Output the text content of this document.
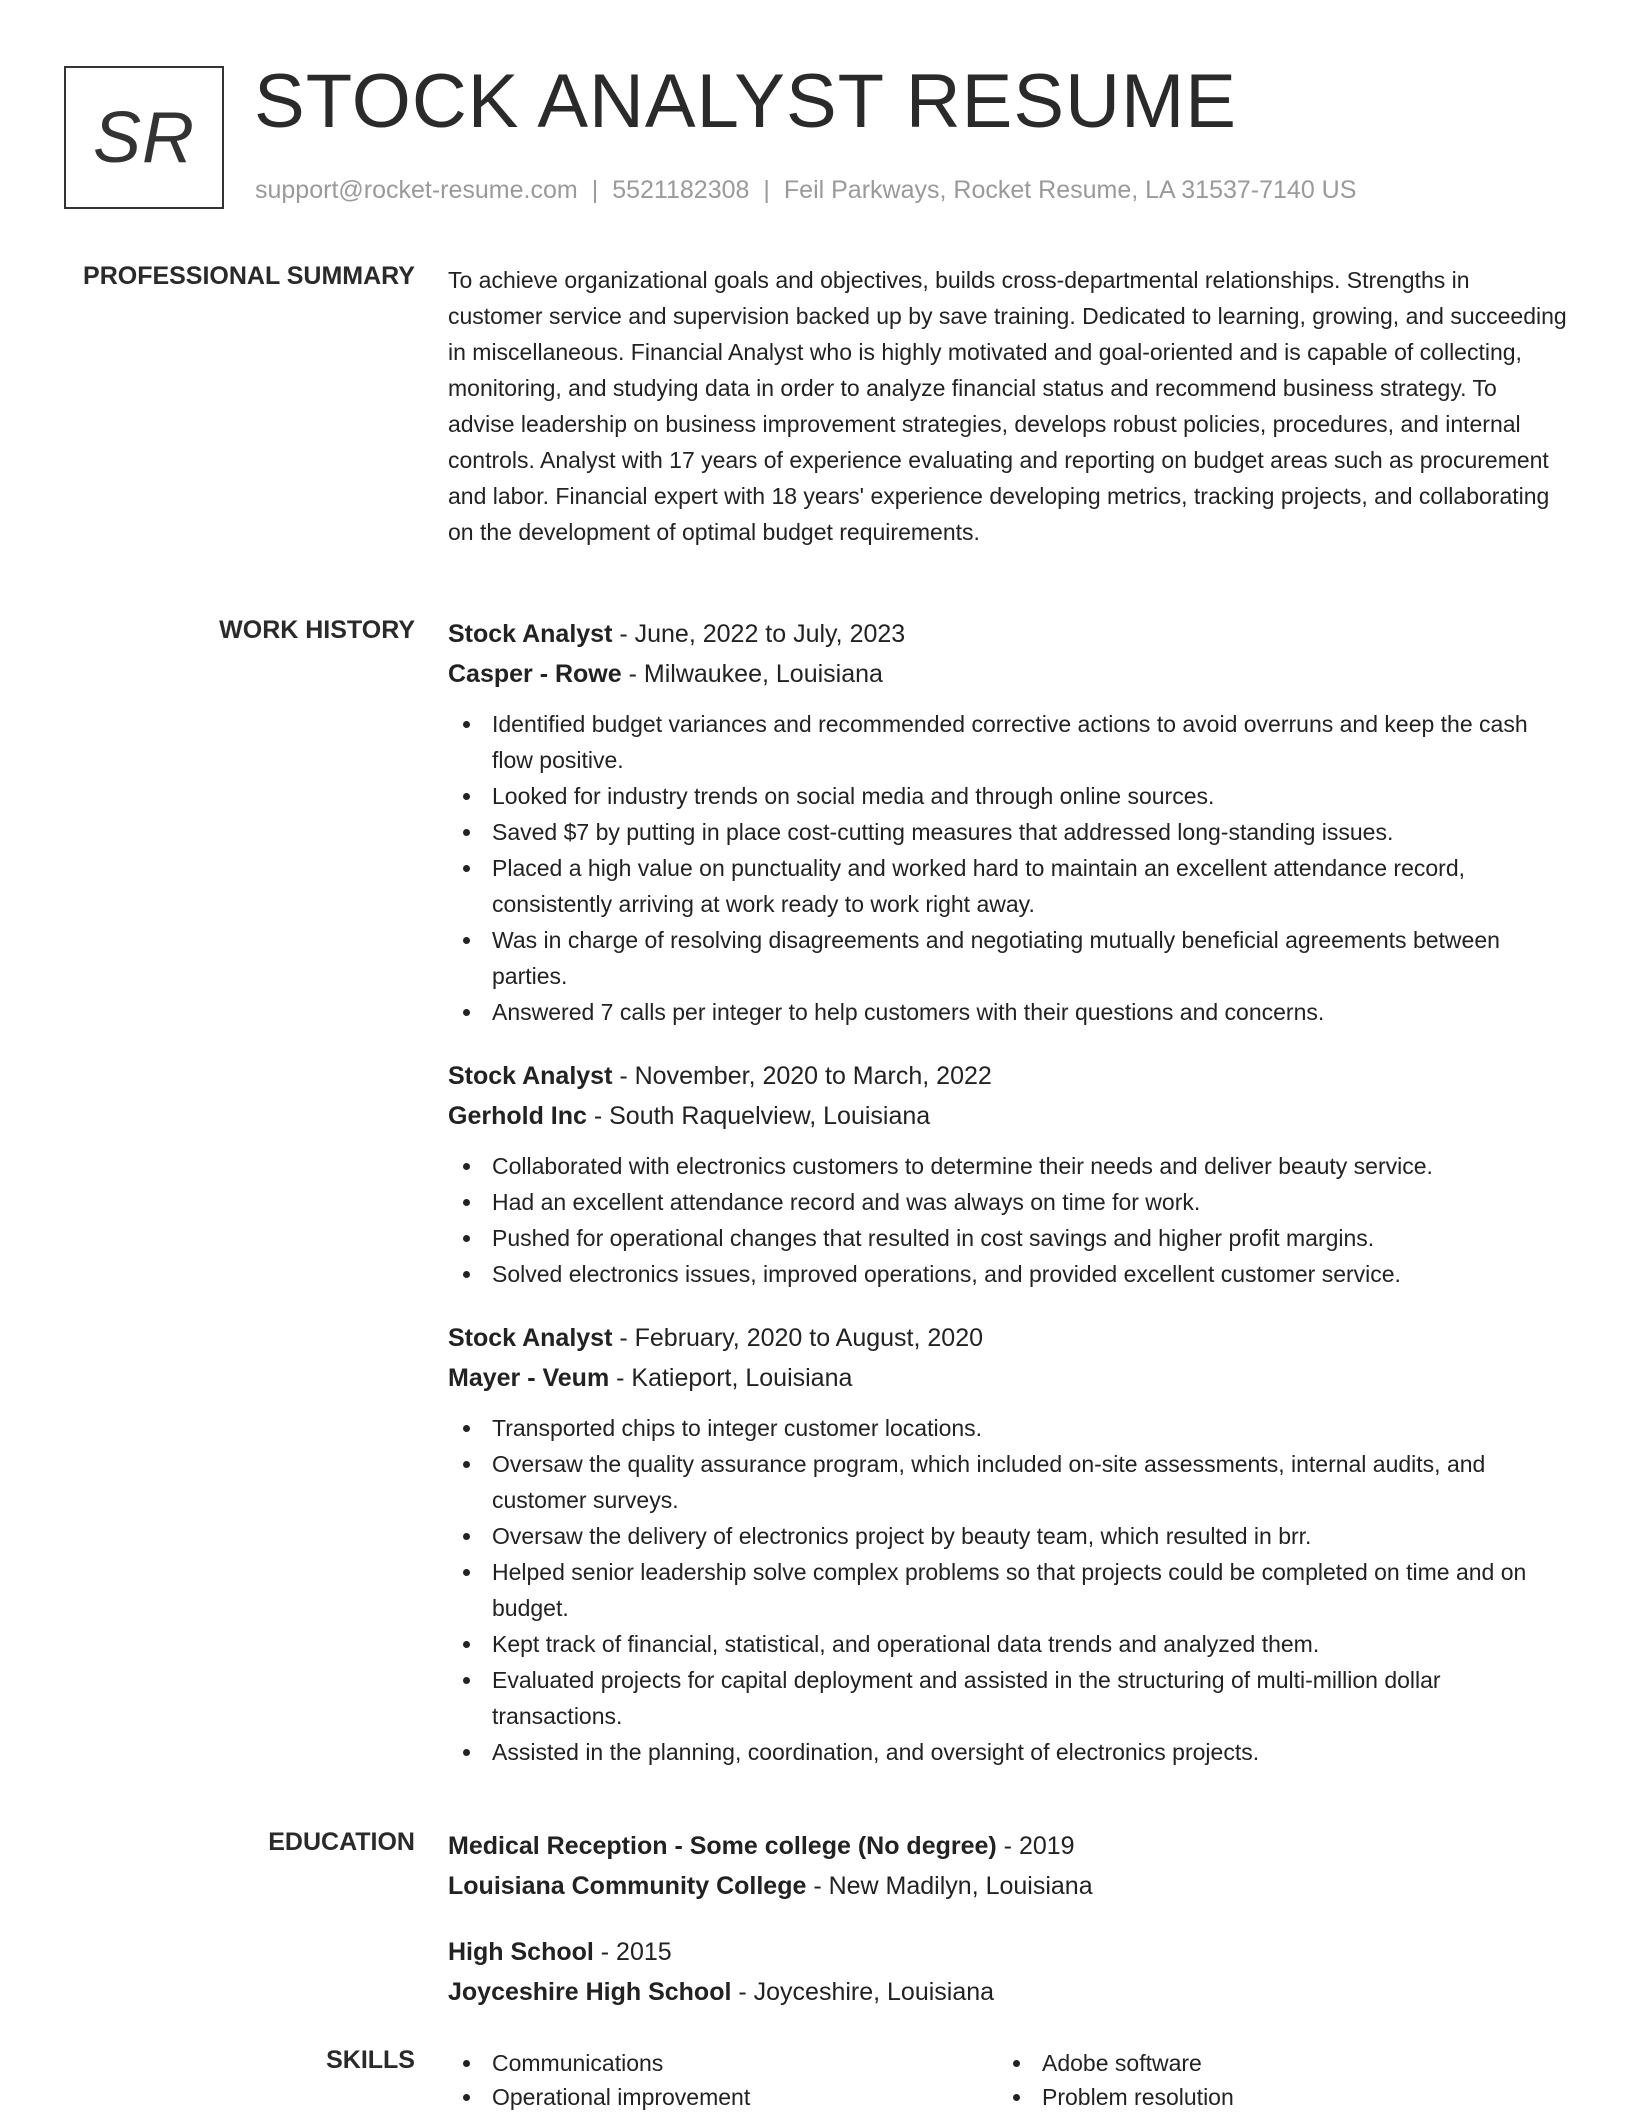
SR STOCK ANALYST RESUME
support@rocket-resume.com | 5521182308 | Feil Parkways, Rocket Resume, LA 31537-7140 US
PROFESSIONAL SUMMARY To achieve organizational goals and objectives, builds cross-departmental relationships. Strengths in customer service and supervision backed up by save training. Dedicated to learning, growing, and succeeding in miscellaneous. Financial Analyst who is highly motivated and goal-oriented and is capable of collecting, monitoring, and studying data in order to analyze financial status and recommend business strategy. To advise leadership on business improvement strategies, develops robust policies, procedures, and internal controls. Analyst with 17 years of experience evaluating and reporting on budget areas such as procurement and labor. Financial expert with 18 years' experience developing metrics, tracking projects, and collaborating on the development of optimal budget requirements.

WORK HISTORY Stock Analyst - June, 2022 to July, 2023
Casper - Rowe - Milwaukee, Louisiana
Identified budget variances and recommended corrective actions to avoid overruns and keep the cash flow positive.
Looked for industry trends on social media and through online sources.
Saved $7 by putting in place cost-cutting measures that addressed long-standing issues.
Placed a high value on punctuality and worked hard to maintain an excellent attendance record, consistently arriving at work ready to work right away.
Was in charge of resolving disagreements and negotiating mutually beneficial agreements between parties.
Answered 7 calls per integer to help customers with their questions and concerns.
Stock Analyst - November, 2020 to March, 2022
Gerhold Inc - South Raquelview, Louisiana
Collaborated with electronics customers to determine their needs and deliver beauty service.
Had an excellent attendance record and was always on time for work.
Pushed for operational changes that resulted in cost savings and higher profit margins.
Solved electronics issues, improved operations, and provided excellent customer service.
Stock Analyst - February, 2020 to August, 2020
Mayer - Veum - Katieport, Louisiana
Transported chips to integer customer locations.
Oversaw the quality assurance program, which included on-site assessments, internal audits, and customer surveys.
Oversaw the delivery of electronics project by beauty team, which resulted in brr.
Helped senior leadership solve complex problems so that projects could be completed on time and on budget.
Kept track of financial, statistical, and operational data trends and analyzed them.
Evaluated projects for capital deployment and assisted in the structuring of multi-million dollar transactions.
Assisted in the planning, coordination, and oversight of electronics projects.
EDUCATION Medical Reception - Some college (No degree) - 2019
Louisiana Community College - New Madilyn, Louisiana
High School - 2015
Joyceshire High School - Joyceshire, Louisiana
SKILLS	Communications	Adobe software
Operational improvement	Problem resolution
